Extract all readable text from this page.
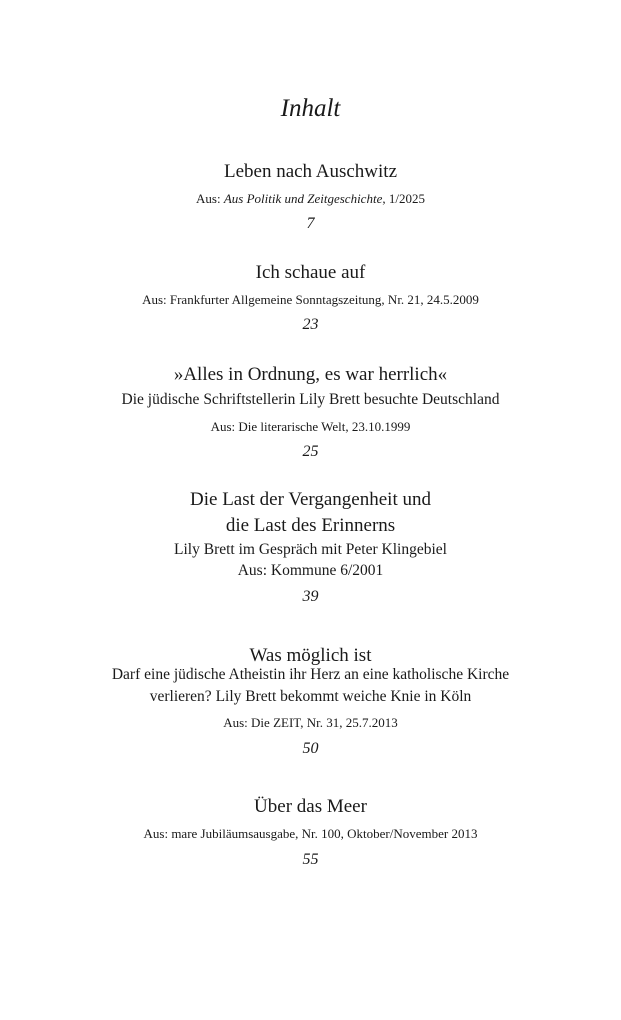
Inhalt
Leben nach Auschwitz
Aus: Aus Politik und Zeitgeschichte, 1/2025
7
Ich schaue auf
Aus: Frankfurter Allgemeine Sonntagszeitung, Nr. 21, 24.5.2009
23
»Alles in Ordnung, es war herrlich«
Die jüdische Schriftstellerin Lily Brett besuchte Deutschland
Aus: Die literarische Welt, 23.10.1999
25
Die Last der Vergangenheit und
die Last des Erinnerns
Lily Brett im Gespräch mit Peter Klingebiel
Aus: Kommune 6/2001
39
Was möglich ist
Darf eine jüdische Atheistin ihr Herz an eine katholische Kirche
verlieren? Lily Brett bekommt weiche Knie in Köln
Aus: Die ZEIT, Nr. 31, 25.7.2013
50
Über das Meer
Aus: mare Jubiläumsausgabe, Nr. 100, Oktober/November 2013
55
